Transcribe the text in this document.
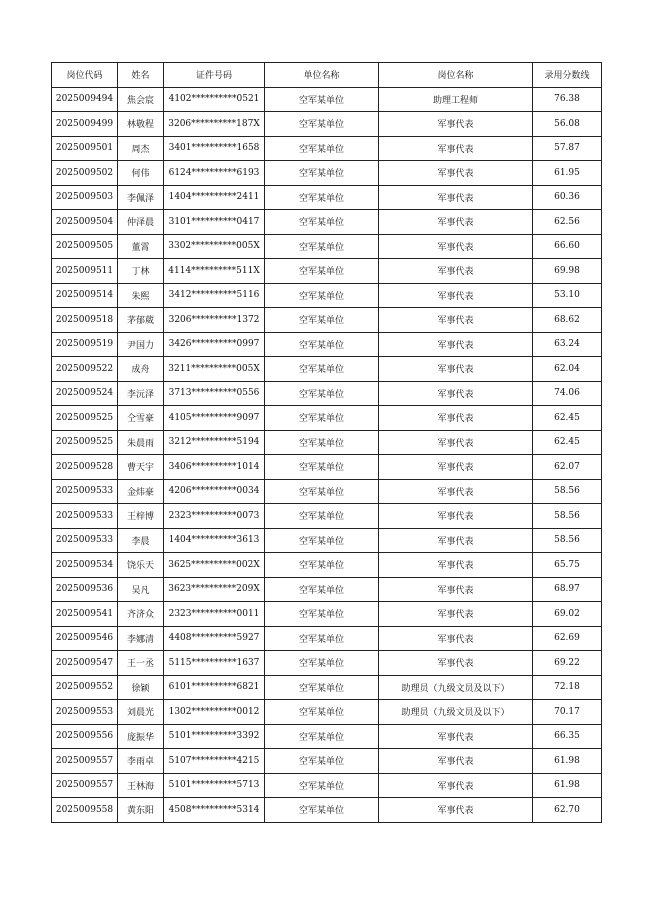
岗位代码	姓名	证件号码	单位名称	岗位名称	录用分数线
2025009494	焦会宸	4102**********0521	空军某单位	助理工程师	76.38
2025009499	林敬程	3206**********187X	空军某单位	军事代表	56.08
2025009501	周杰	3401**********1658	空军某单位	军事代表	57.87
2025009502	何伟	6124**********6193	空军某单位	军事代表	61.95
2025009503	李佩泽	1404**********2411	空军某单位	军事代表	60.36
2025009504	仲泽晨	3101**********0417	空军某单位	军事代表	62.56
2025009505	董霄	3302**********005X	空军某单位	军事代表	66.60
2025009511	丁林	4114**********511X	空军某单位	军事代表	69.98
2025009514	朱熙	3412**********5116	空军某单位	军事代表	53.10
2025009518	茅郁葳	3206**********1372	空军某单位	军事代表	68.62
2025009519	尹国力	3426**********0997	空军某单位	军事代表	63.24
2025009522	成舟	3211**********005X	空军某单位	军事代表	62.04
2025009524	李沅泽	3713**********0556	空军某单位	军事代表	74.06
2025009525	仝雪豪	4105**********9097	空军某单位	军事代表	62.45
2025009525	朱晨雨	3212**********5194	空军某单位	军事代表	62.45
2025009528	曹天宇	3406**********1014	空军某单位	军事代表	62.07
2025009533	金炜豪	4206**********0034	空军某单位	军事代表	58.56
2025009533	王梓博	2323**********0073	空军某单位	军事代表	58.56
2025009533	李晨	1404**********3613	空军某单位	军事代表	58.56
2025009534	饶乐天	3625**********002X	空军某单位	军事代表	65.75
2025009536	吴凡	3623**********209X	空军某单位	军事代表	68.97
2025009541	齐济众	2323**********0011	空军某单位	军事代表	69.02
2025009546	李娜清	4408**********5927	空军某单位	军事代表	62.69
2025009547	王一丞	5115**********1637	空军某单位	军事代表	69.22
2025009552	徐颖	6101**********6821	空军某单位	助理员（九级文员及以下）	72.18
2025009553	刘晨光	1302**********0012	空军某单位	助理员（九级文员及以下）	70.17
2025009556	庞振华	5101**********3392	空军某单位	军事代表	66.35
2025009557	李雨卓	5107**********4215	空军某单位	军事代表	61.98
2025009557	王林海	5101**********5713	空军某单位	军事代表	61.98
2025009558	黄东阳	4508**********5314	空军某单位	军事代表	62.70
